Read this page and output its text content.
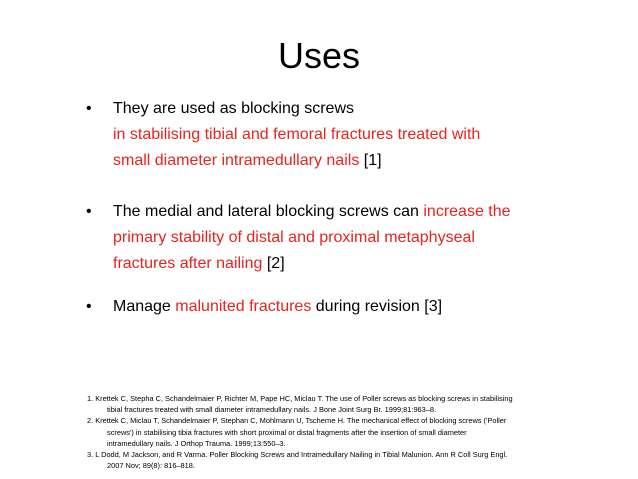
Uses
• They are used as blocking screws
in stabilising tibial and femoral fractures treated with
small diameter intramedullary nails [1]
• The medial and lateral blocking screws can increase the
primary stability of distal and proximal metaphyseal
fractures after nailing [2]
• Manage malunited fractures during revision [3]
1. Krettek C, Stepha C, Schandelmaier P, Richter M, Pape HC, Miclau T. The use of Poller screws as blocking screws in stabilising
tibial fractures treated with small diameter intramedullary nails. J Bone Joint Surg Br. 1999;81:963–8.
2. Krettek C, Miclau T, Schandelmaier P, Stephan C, Mohlmann U, Tscherne H. The mechanical effect of blocking screws ('Poller
screws') in stabilising tibia fractures with short proximal or distal fragments after the insertion of small diameter
intramedullary nails. J Orthop Trauma. 1999;13:550–3.
3. L Dodd, M Jackson, and R Varma. Poller Blocking Screws and Intramedullary Nailing in Tibial Malunion. Ann R Coll Surg Engl.
2007 Nov; 89(8): 816–818.
